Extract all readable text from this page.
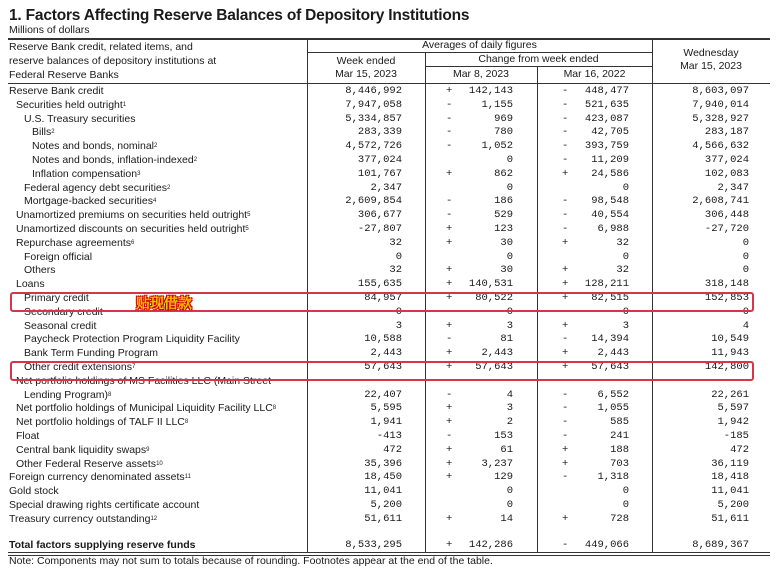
1. Factors Affecting Reserve Balances of Depository Institutions
Millions of dollars
Reserve Bank credit, related items, and
reserve balances of depository institutions at
Federal Reserve Banks
Averages of daily figures
Week ended
Mar 15, 2023
Change from week ended
Mar 8, 2023	Mar 16, 2022
Wednesday
Mar 15, 2023
Reserve Bank credit	8,446,992	+	142,143	-	448,477	8,603,097
Securities held outright$^1$	7,947,058	-	1,155	-	521,635	7,940,014
U.S. Treasury securities	5,334,857	-	969	-	423,087	5,328,927
Bills$^2$	283,339	-	780	-	42,705	283,187
Notes and bonds, nominal$^2$	4,572,726	-	1,052	-	393,759	4,566,632
Notes and bonds, inflation-indexed$^2$	377,024	0	-	11,209	377,024
Inflation compensation$^3$	101,767	+	862	+	24,586	102,083
Federal agency debt securities$^2$	2,347	0	0	2,347
Mortgage-backed securities$^4$	2,609,854	-	186	-	98,548	2,608,741
Unamortized premiums on securities held outright$^5$	306,677	-	529	-	40,554	306,448
Unamortized discounts on securities held outright$^5$	-27,807	+	123	-	6,988	-27,720
Repurchase agreements$^6$	32	+	30	+	32	0
Foreign official	0	0	0	0
Others	32	+	30	+	32	0
Loans	155,635	+	140,531	+	128,211	318,148
Primary credit	84,957	+	80,522	+	82,515	152,853
Secondary credit	0	0	0	0
Seasonal credit	3	+	3	+	3	4
Paycheck Protection Program Liquidity Facility	10,588	-	81	-	14,394	10,549
Bank Term Funding Program	2,443	+	2,443	+	2,443	11,943
Other credit extensions$^7$	57,643	+	57,643	+	57,643	142,800
Net portfolio holdings of MS Facilities LLC (Main Street
Lending Program)$^8$	22,407	-	4	-	6,552	22,261
Net portfolio holdings of Municipal Liquidity Facility LLC$^8$	5,595	+	3	-	1,055	5,597
Net portfolio holdings of TALF II LLC$^8$	1,941	+	2	-	585	1,942
Float	-413	-	153	-	241	-185
Central bank liquidity swaps$^9$	472	+	61	+	188	472
Other Federal Reserve assets$^{10}$	35,396	+	3,237	+	703	36,119
Foreign currency denominated assets$^{11}$	18,450	+	129	-	1,318	18,418
Gold stock	11,041	0	0	11,041
Special drawing rights certificate account	5,200	0	0	5,200
Treasury currency outstanding$^{12}$	51,611	+	14	+	728	51,611
Total factors supplying reserve funds	8,533,295	+	142,286	-	449,066	8,689,367
贴现借款
Note: Components may not sum to totals because of rounding. Footnotes appear at the end of the table.
